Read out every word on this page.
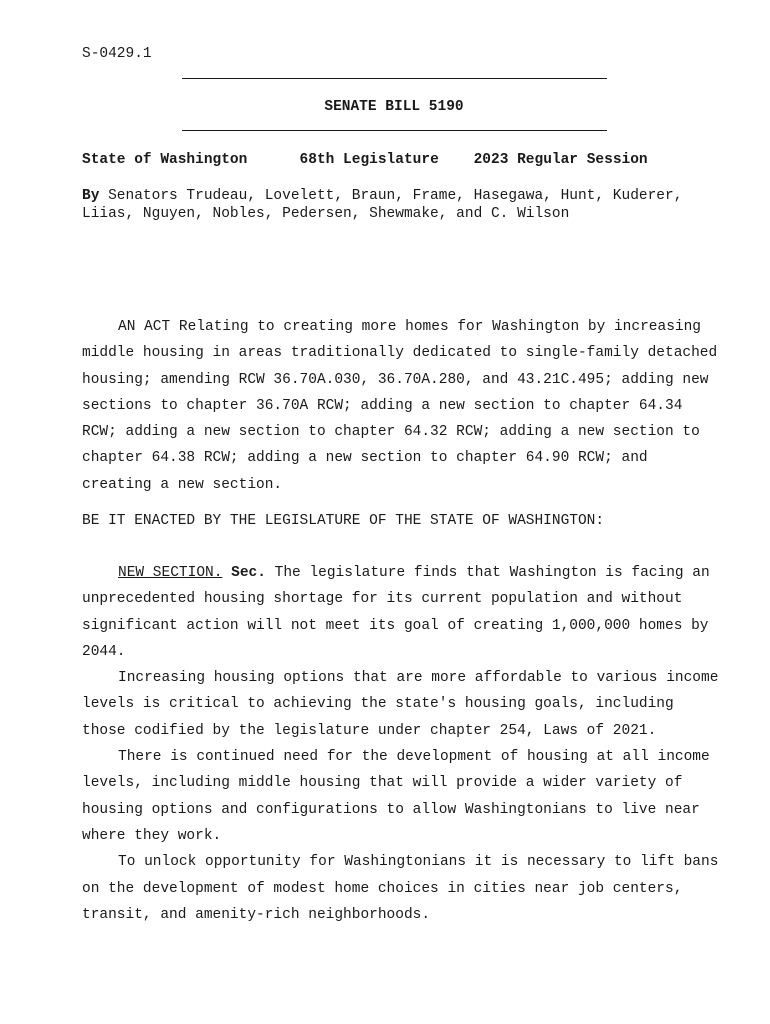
S-0429.1
SENATE BILL 5190
State of Washington	68th Legislature 2023 Regular Session
By Senators Trudeau, Lovelett, Braun, Frame, Hasegawa, Hunt, Kuderer, Liias, Nguyen, Nobles, Pedersen, Shewmake, and C. Wilson

AN ACT Relating to creating more homes for Washington by increasing middle housing in areas traditionally dedicated to single-family detached housing; amending RCW 36.70A.030, 36.70A.280, and 43.21C.495; adding new sections to chapter 36.70A RCW; adding a new section to chapter 64.34 RCW; adding a new section to chapter 64.32 RCW; adding a new section to chapter 64.38 RCW; adding a new section to chapter 64.90 RCW; and creating a new section.

BE IT ENACTED BY THE LEGISLATURE OF THE STATE OF WASHINGTON:

NEW SECTION. Sec. The legislature finds that Washington is facing an unprecedented housing shortage for its current population and without significant action will not meet its goal of creating 1,000,000 homes by 2044.

Increasing housing options that are more affordable to various income levels is critical to achieving the state's housing goals, including those codified by the legislature under chapter 254, Laws of 2021.

There is continued need for the development of housing at all income levels, including middle housing that will provide a wider variety of housing options and configurations to allow Washingtonians to live near where they work.

To unlock opportunity for Washingtonians it is necessary to lift bans on the development of modest home choices in cities near job centers, transit, and amenity-rich neighborhoods.
